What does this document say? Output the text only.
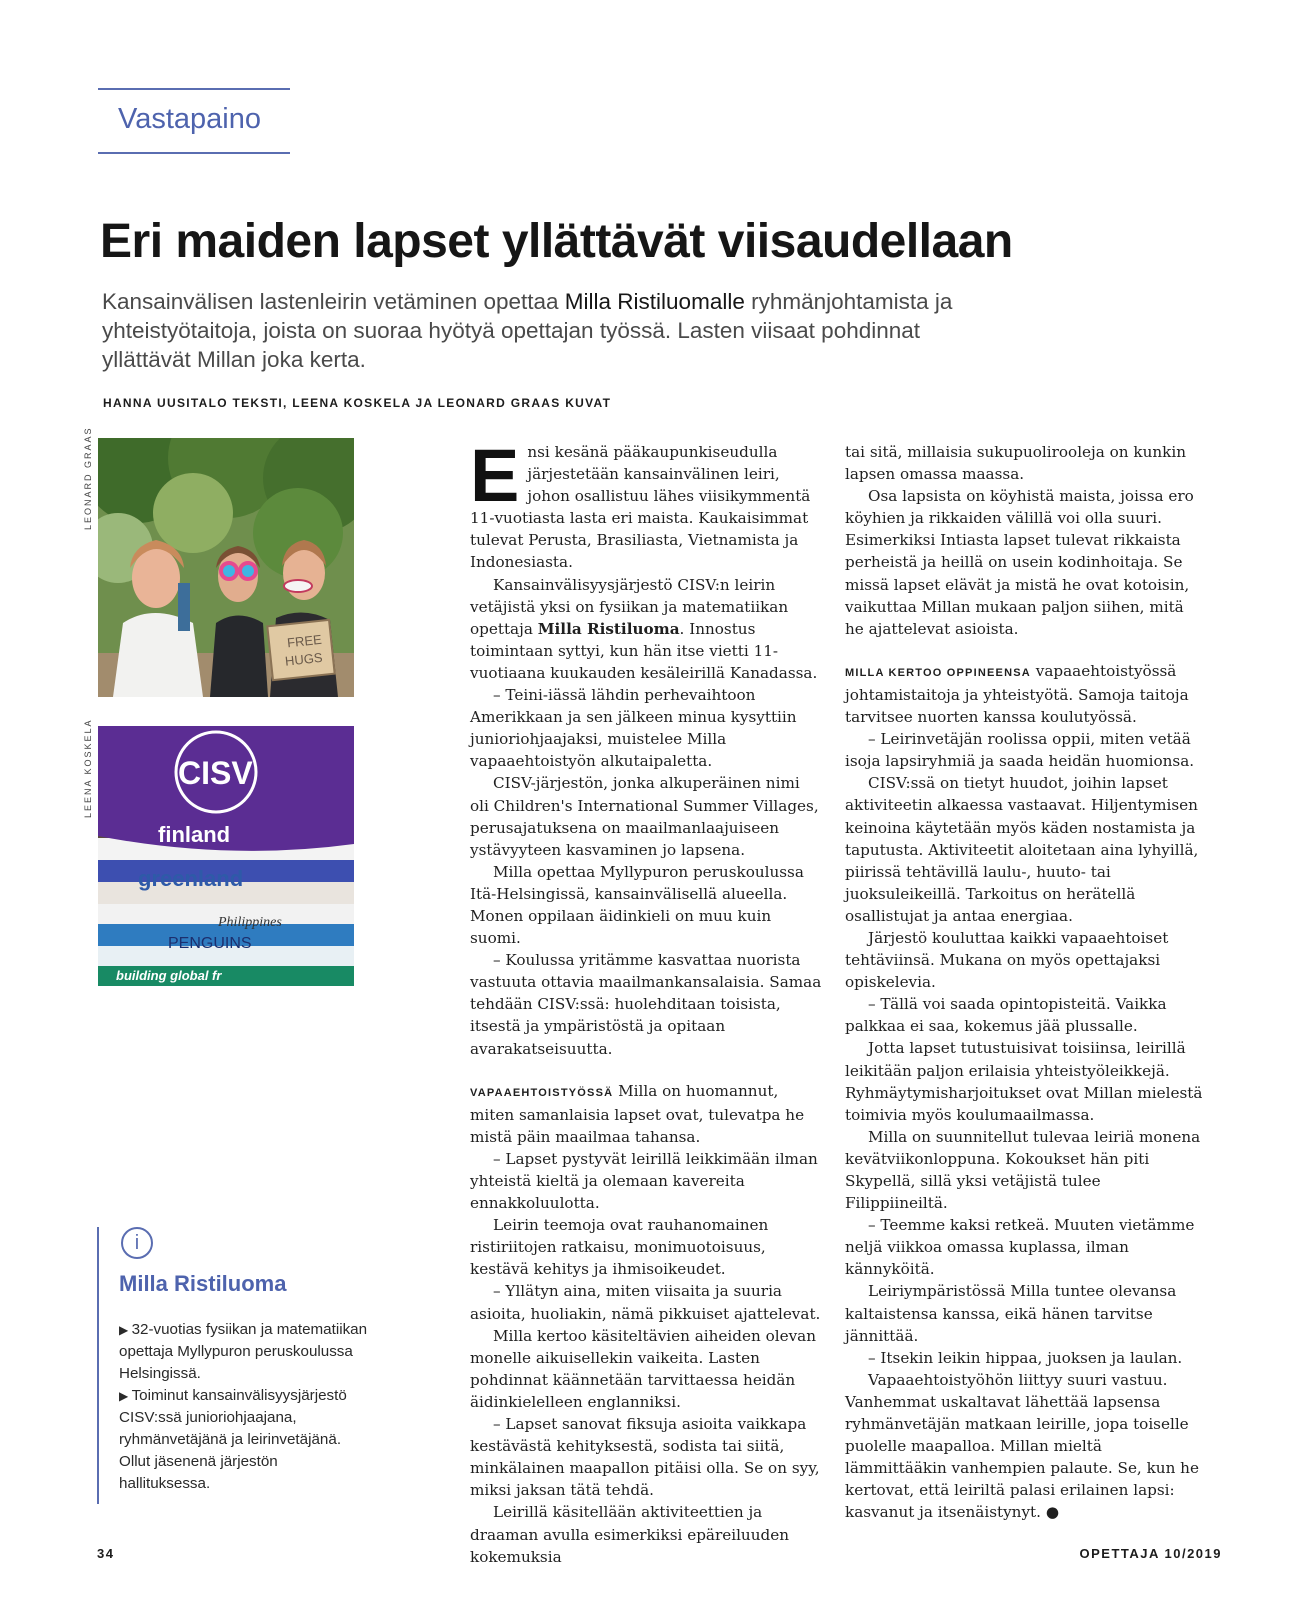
Vastapaino
Eri maiden lapset yllättävät viisaudellaan

Kansainvälisen lastenleirin vetäminen opettaa Milla Ristiluomalle ryhmänjohtamista ja yhteistyötaitoja, joista on suoraa hyötyä opettajan työssä. Lasten viisaat pohdinnat yllättävät Millan joka kerta.

HANNA UUSITALO TEKSTI, LEENA KOSKELA JA LEONARD GRAAS KUVAT

LEONARD GRAAS
LEENA KOSKELA
FREE
HUGS
CISV
finland
greenland
Philippines
PENGUINS
building global fr

Ensi kesänä pääkaupunkiseudulla järjestetään kansainvälinen leiri, johon osallistuu lähes viisikymmentä 11-vuotiasta lasta eri maista. Kaukaisimmat tulevat Perusta, Brasiliasta, Vietnamista ja Indonesiasta.

Kansainvälisyysjärjestö CISV:n leirin vetäjistä yksi on fysiikan ja matematiikan opettaja Milla Ristiluoma. Innostus toimintaan syttyi, kun hän itse vietti 11-vuotiaana kuukauden kesäleirillä Kanadassa.

– Teini-iässä lähdin perhevaihtoon Amerikkaan ja sen jälkeen minua kysyttiin junioriohjaajaksi, muistelee Milla vapaaehtoistyön alkutaipaletta.

CISV-järjestön, jonka alkuperäinen nimi oli Children's International Summer Villages, perusajatuksena on maailmanlaajuiseen ystävyyteen kasvaminen jo lapsena.

Milla opettaa Myllypuron peruskoulussa Itä-Helsingissä, kansainvälisellä alueella. Monen oppilaan äidinkieli on muu kuin suomi.

– Koulussa yritämme kasvattaa nuorista vastuuta ottavia maailmankansalaisia. Samaa tehdään CISV:ssä: huolehditaan toisista, itsestä ja ympäristöstä ja opitaan avarakatseisuutta.

VAPAAEHTOISTYÖSSÄ Milla on huomannut, miten samanlaisia lapset ovat, tulevatpa he mistä päin maailmaa tahansa.

– Lapset pystyvät leirillä leikkimään ilman yhteistä kieltä ja olemaan kavereita ennakkoluulotta.

Leirin teemoja ovat rauhanomainen ristiriitojen ratkaisu, monimuotoisuus, kestävä kehitys ja ihmisoikeudet.

– Yllätyn aina, miten viisaita ja suuria asioita, huoliakin, nämä pikkuiset ajattelevat.

Milla kertoo käsiteltävien aiheiden olevan monelle aikuisellekin vaikeita. Lasten pohdinnat käännetään tarvittaessa heidän äidinkielelleen englanniksi.

– Lapset sanovat fiksuja asioita vaikkapa kestävästä kehityksestä, sodista tai siitä, minkälainen maapallon pitäisi olla. Se on syy, miksi jaksan tätä tehdä.

Leirillä käsitellään aktiviteettien ja draaman avulla esimerkiksi epäreiluuden kokemuksia

tai sitä, millaisia sukupuolirooleja on kunkin lapsen omassa maassa.

Osa lapsista on köyhistä maista, joissa ero köyhien ja rikkaiden välillä voi olla suuri. Esimerkiksi Intiasta lapset tulevat rikkaista perheistä ja heillä on usein kodinhoitaja. Se missä lapset elävät ja mistä he ovat kotoisin, vaikuttaa Millan mukaan paljon siihen, mitä he ajattelevat asioista.

MILLA KERTOO OPPINEENSA vapaaehtoistyössä johtamistaitoja ja yhteistyötä. Samoja taitoja tarvitsee nuorten kanssa koulutyössä.

– Leirinvetäjän roolissa oppii, miten vetää isoja lapsiryhmiä ja saada heidän huomionsa.

CISV:ssä on tietyt huudot, joihin lapset aktiviteetin alkaessa vastaavat. Hiljentymisen keinoina käytetään myös käden nostamista ja taputusta. Aktiviteetit aloitetaan aina lyhyillä, piirissä tehtävillä laulu-, huuto- tai juoksuleikeillä. Tarkoitus on herätellä osallistujat ja antaa energiaa.

Järjestö kouluttaa kaikki vapaaehtoiset tehtäviinsä. Mukana on myös opettajaksi opiskelevia.

– Tällä voi saada opintopisteitä. Vaikka palkkaa ei saa, kokemus jää plussalle.

Jotta lapset tutustuisivat toisiinsa, leirillä leikitään paljon erilaisia yhteistyöleikkejä. Ryhmäytymisharjoitukset ovat Millan mielestä toimivia myös koulumaailmassa.

Milla on suunnitellut tulevaa leiriä monena kevätviikonloppuna. Kokoukset hän piti Skypellä, sillä yksi vetäjistä tulee Filippiineiltä.

– Teemme kaksi retkeä. Muuten vietämme neljä viikkoa omassa kuplassa, ilman kännyköitä.

Leiriympäristössä Milla tuntee olevansa kaltaistensa kanssa, eikä hänen tarvitse jännittää.

– Itsekin leikin hippaa, juoksen ja laulan.

Vapaaehtoistyöhön liittyy suuri vastuu. Vanhemmat uskaltavat lähettää lapsensa ryhmänvetäjän matkaan leirille, jopa toiselle puolelle maapalloa. Millan mieltä lämmittääkin vanhempien palaute. Se, kun he kertovat, että leiriltä palasi erilainen lapsi: kasvanut ja itsenäistynyt. ●

i
Milla Ristiluoma
▶ 32-vuotias fysiikan ja matematiikan opettaja Myllypuron peruskoulussa Helsingissä.
▶ Toiminut kansainvälisyysjärjestö CISV:ssä junioriohjaajana, ryhmänvetäjänä ja leirinvetäjänä. Ollut jäsenenä järjestön hallituksessa.

34	OPETTAJA 10/2019
